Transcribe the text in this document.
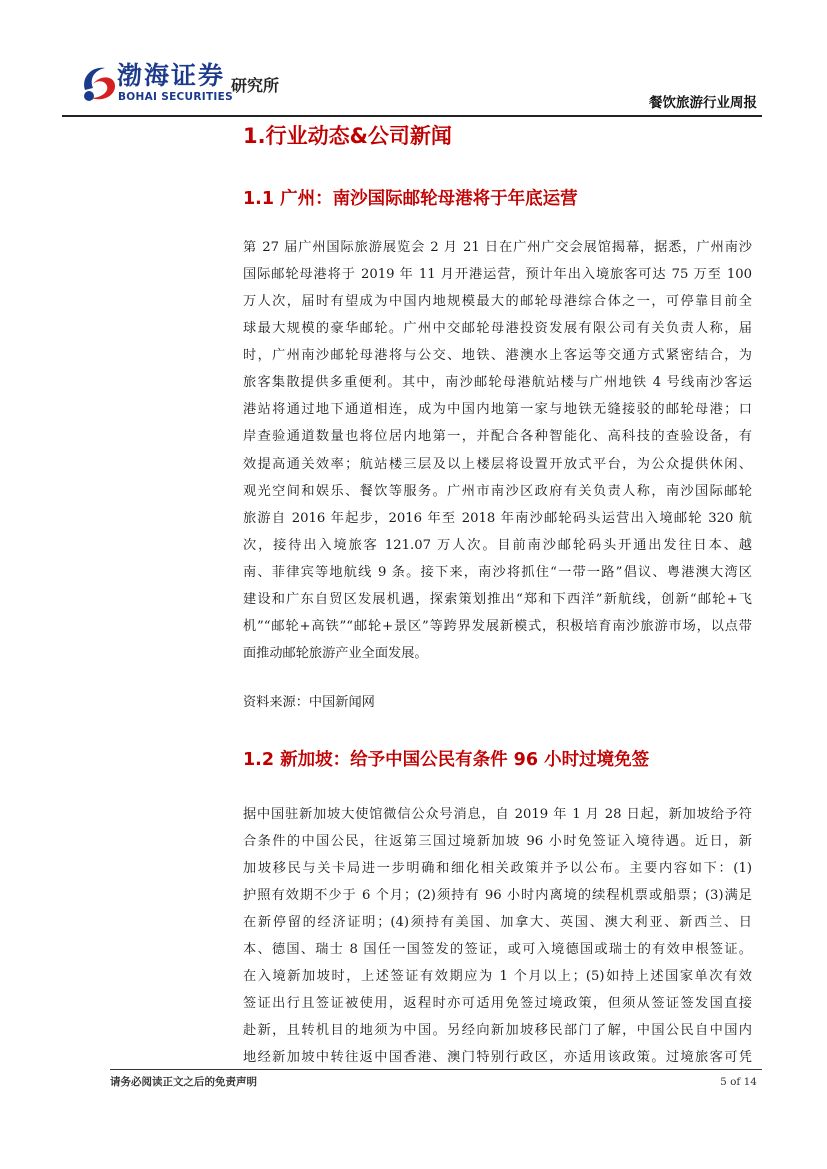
渤海证券
BOHAI SECURITIES
研究所
餐饮旅游行业周报
1.行业动态&公司新闻
1.1 广州：南沙国际邮轮母港将于年底运营
第 27 届广州国际旅游展览会 2 月 21 日在广州广交会展馆揭幕，据悉，广州南沙
国际邮轮母港将于 2019 年 11 月开港运营，预计年出入境旅客可达 75 万至 100
万人次，届时有望成为中国内地规模最大的邮轮母港综合体之一，可停靠目前全
球最大规模的豪华邮轮。广州中交邮轮母港投资发展有限公司有关负责人称，届
时，广州南沙邮轮母港将与公交、地铁、港澳水上客运等交通方式紧密结合，为
旅客集散提供多重便利。其中，南沙邮轮母港航站楼与广州地铁 4 号线南沙客运
港站将通过地下通道相连，成为中国内地第一家与地铁无缝接驳的邮轮母港；口
岸查验通道数量也将位居内地第一，并配合各种智能化、高科技的查验设备，有
效提高通关效率；航站楼三层及以上楼层将设置开放式平台，为公众提供休闲、
观光空间和娱乐、餐饮等服务。广州市南沙区政府有关负责人称，南沙国际邮轮
旅游自 2016 年起步，2016 年至 2018 年南沙邮轮码头运营出入境邮轮 320 航
次，接待出入境旅客 121.07 万人次。目前南沙邮轮码头开通出发往日本、越
南、菲律宾等地航线 9 条。接下来，南沙将抓住“一带一路”倡议、粤港澳大湾区
建设和广东自贸区发展机遇，探索策划推出“郑和下西洋”新航线，创新“邮轮+飞
机”“邮轮+高铁”“邮轮+景区”等跨界发展新模式，积极培育南沙旅游市场，以点带
面推动邮轮旅游产业全面发展。
资料来源：中国新闻网
1.2 新加坡：给予中国公民有条件 96 小时过境免签
据中国驻新加坡大使馆微信公众号消息，自 2019 年 1 月 28 日起，新加坡给予符
合条件的中国公民，往返第三国过境新加坡 96 小时免签证入境待遇。近日，新
加坡移民与关卡局进一步明确和细化相关政策并予以公布。主要内容如下：(1)
护照有效期不少于 6 个月；(2)须持有 96 小时内离境的续程机票或船票；(3)满足
在新停留的经济证明；(4)须持有美国、加拿大、英国、澳大利亚、新西兰、日
本、德国、瑞士 8 国任一国签发的签证，或可入境德国或瑞士的有效申根签证。
在入境新加坡时，上述签证有效期应为 1 个月以上；(5)如持上述国家单次有效
签证出行且签证被使用，返程时亦可适用免签过境政策，但须从签证签发国直接
赴新，且转机目的地须为中国。另经向新加坡移民部门了解，中国公民自中国内
地经新加坡中转往返中国香港、澳门特别行政区，亦适用该政策。过境旅客可凭
请务必阅读正文之后的免责声明	5 of 14
